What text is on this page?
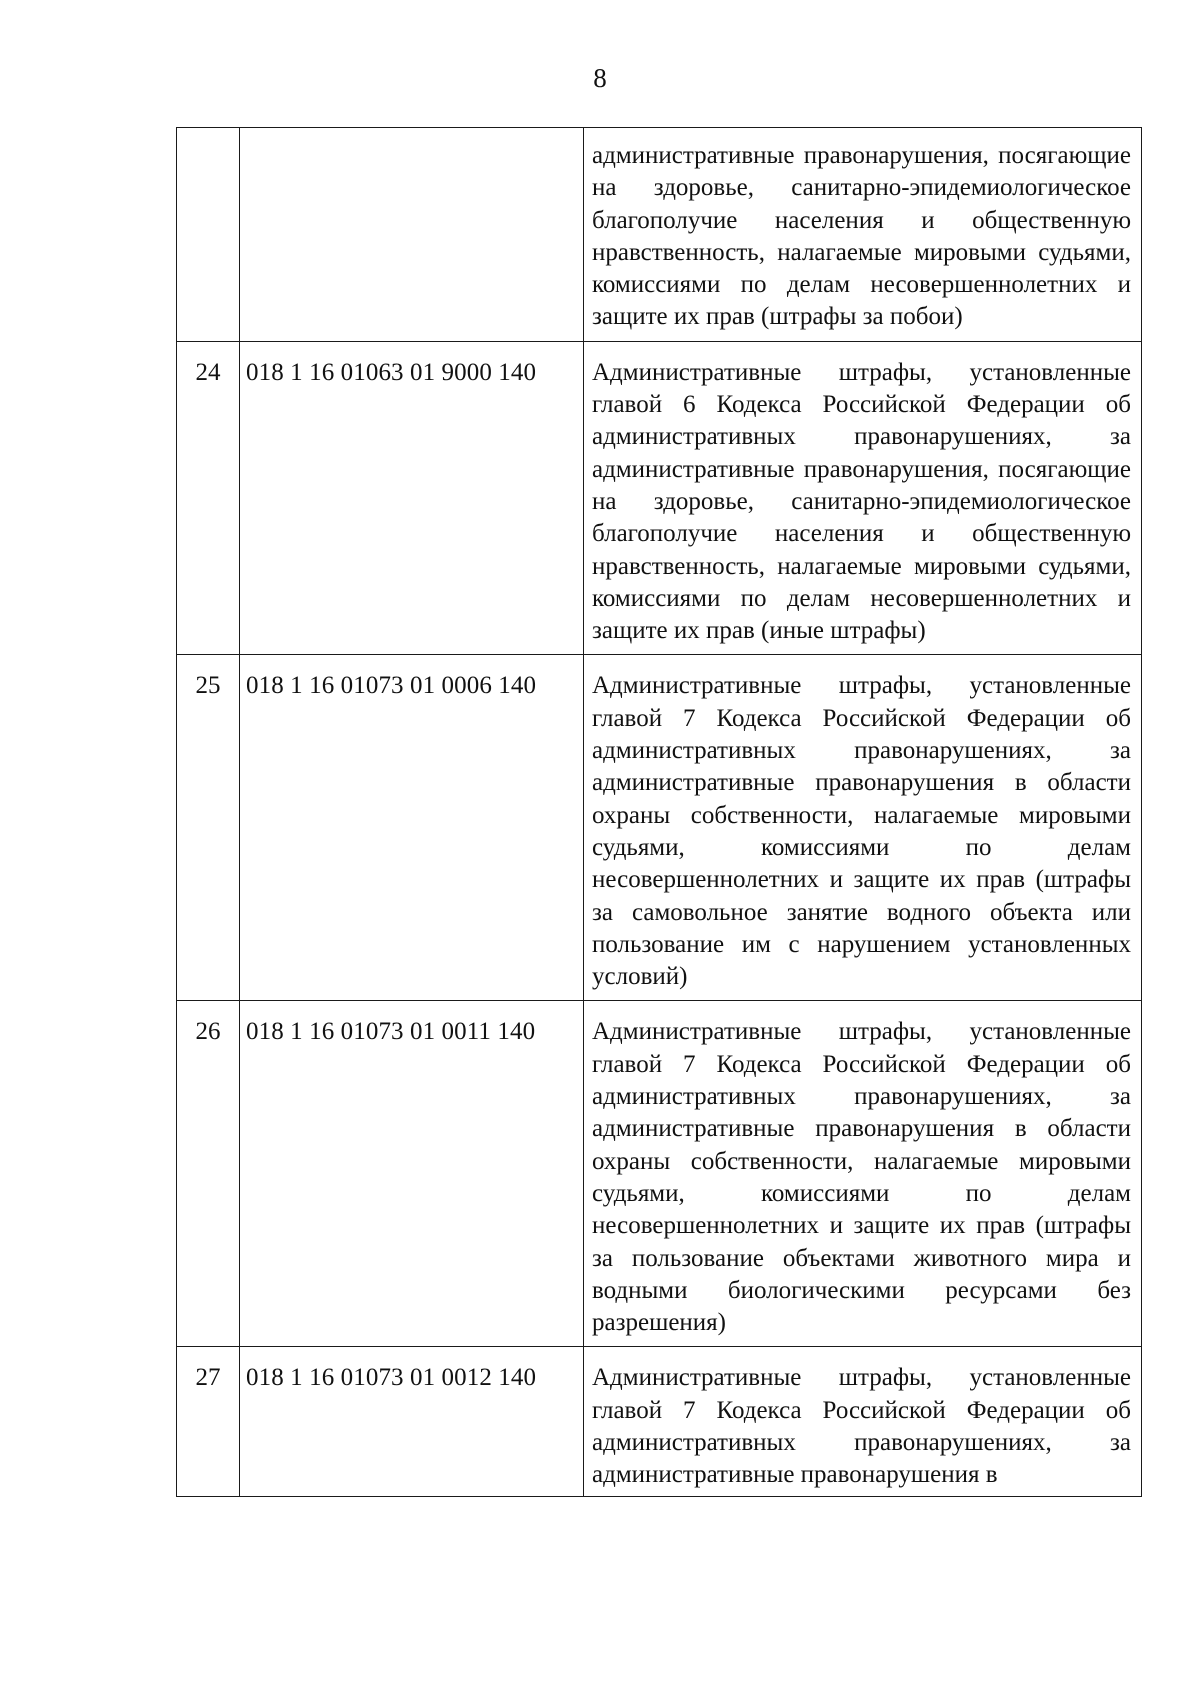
8
		административные правонарушения, посягающие на здоровье, санитарно-эпидемиологическое благополучие населения и общественную нравственность, налагаемые мировыми судьями, комиссиями по делам несовершеннолетних и защите их прав (штрафы за побои)
24	018 1 16 01063 01 9000 140	Административные штрафы, установленные главой 6 Кодекса Российской Федерации об административных правонарушениях, за административные правонарушения, посягающие на здоровье, санитарно-эпидемиологическое благополучие населения и общественную нравственность, налагаемые мировыми судьями, комиссиями по делам несовершеннолетних и защите их прав (иные штрафы)
25	018 1 16 01073 01 0006 140	Административные штрафы, установленные главой 7 Кодекса Российской Федерации об административных правонарушениях, за административные правонарушения в области охраны собственности, налагаемые мировыми судьями, комиссиями по делам несовершеннолетних и защите их прав (штрафы за самовольное занятие водного объекта или пользование им с нарушением установленных условий)
26	018 1 16 01073 01 0011 140	Административные штрафы, установленные главой 7 Кодекса Российской Федерации об административных правонарушениях, за административные правонарушения в области охраны собственности, налагаемые мировыми судьями, комиссиями по делам несовершеннолетних и защите их прав (штрафы за пользование объектами животного мира и водными биологическими ресурсами без разрешения)
27	018 1 16 01073 01 0012 140	Административные штрафы, установленные главой 7 Кодекса Российской Федерации об административных правонарушениях, за административные правонарушения в
